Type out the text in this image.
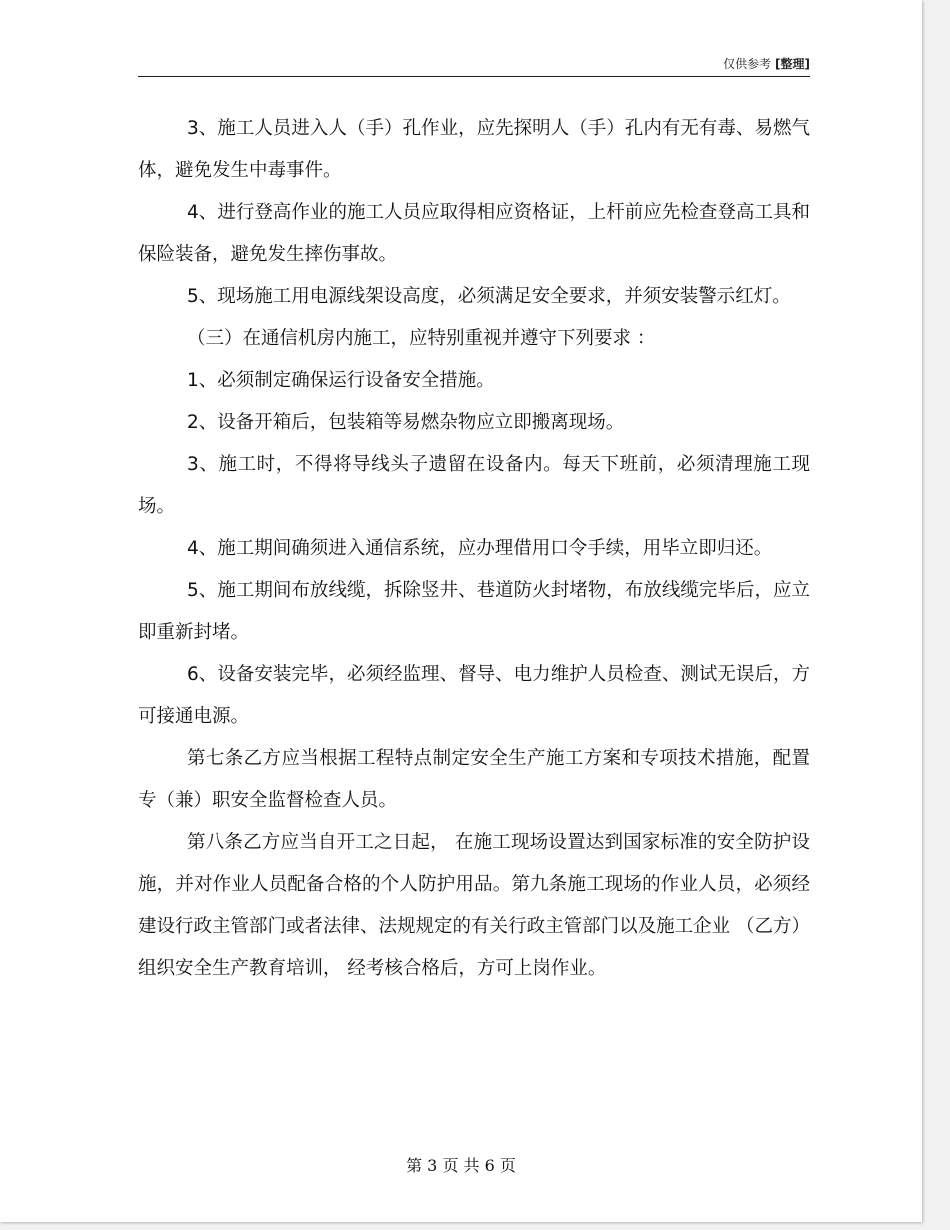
仅供参考 [整理]

3、施工人员进入人（手）孔作业，应先探明人（手）孔内有无有毒、易燃气体，避免发生中毒事件。

4、进行登高作业的施工人员应取得相应资格证，上杆前应先检查登高工具和保险装备，避免发生摔伤事故。

5、现场施工用电源线架设高度，必须满足安全要求，并须安装警示红灯。

（三）在通信机房内施工，应特别重视并遵守下列要求 ：

1、必须制定确保运行设备安全措施。

2、设备开箱后，包装箱等易燃杂物应立即搬离现场。

3、施工时，不得将导线头子遗留在设备内。每天下班前，必须清理施工现场。

4、施工期间确须进入通信系统，应办理借用口令手续，用毕立即归还。

5、施工期间布放线缆，拆除竖井、巷道防火封堵物，布放线缆完毕后，应立即重新封堵。

6、设备安装完毕，必须经监理、督导、电力维护人员检查、测试无误后，方可接通电源。

第七条乙方应当根据工程特点制定安全生产施工方案和专项技术措施，配置专（兼）职安全监督检查人员。

第八条乙方应当自开工之日起， 在施工现场设置达到国家标准的安全防护设施，并对作业人员配备合格的个人防护用品。第九条施工现场的作业人员，必须经建设行政主管部门或者法律、法规规定的有关行政主管部门以及施工企业 （乙方）组织安全生产教育培训， 经考核合格后，方可上岗作业。

第 3 页 共 6 页
